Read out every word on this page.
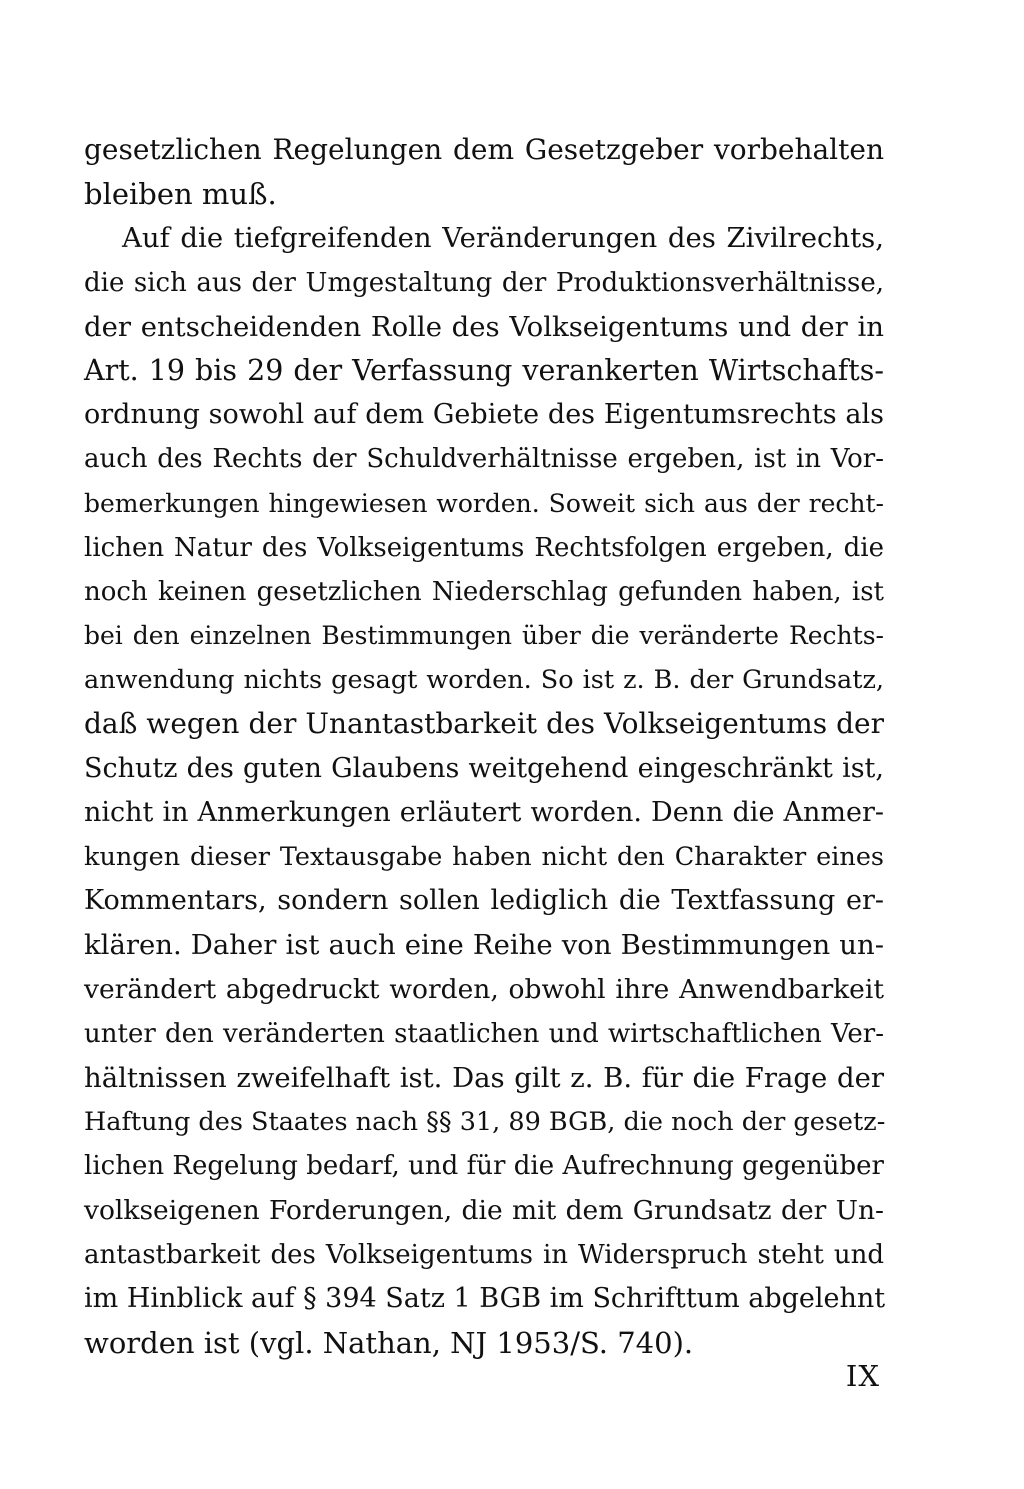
gesetzlichen Regelungen dem Gesetzgeber vorbehalten
bleiben muß.
Auf die tiefgreifenden Veränderungen des Zivilrechts,
die sich aus der Umgestaltung der Produktionsverhältnisse,
der entscheidenden Rolle des Volkseigentums und der in
Art. 19 bis 29 der Verfassung verankerten Wirtschafts-
ordnung sowohl auf dem Gebiete des Eigentumsrechts als
auch des Rechts der Schuldverhältnisse ergeben, ist in Vor-
bemerkungen hingewiesen worden. Soweit sich aus der recht-
lichen Natur des Volkseigentums Rechtsfolgen ergeben, die
noch keinen gesetzlichen Niederschlag gefunden haben, ist
bei den einzelnen Bestimmungen über die veränderte Rechts-
anwendung nichts gesagt worden. So ist z. B. der Grundsatz,
daß wegen der Unantastbarkeit des Volkseigentums der
Schutz des guten Glaubens weitgehend eingeschränkt ist,
nicht in Anmerkungen erläutert worden. Denn die Anmer-
kungen dieser Textausgabe haben nicht den Charakter eines
Kommentars, sondern sollen lediglich die Textfassung er-
klären. Daher ist auch eine Reihe von Bestimmungen un-
verändert abgedruckt worden, obwohl ihre Anwendbarkeit
unter den veränderten staatlichen und wirtschaftlichen Ver-
hältnissen zweifelhaft ist. Das gilt z. B. für die Frage der
Haftung des Staates nach §§ 31, 89 BGB, die noch der gesetz-
lichen Regelung bedarf, und für die Aufrechnung gegenüber
volkseigenen Forderungen, die mit dem Grundsatz der Un-
antastbarkeit des Volkseigentums in Widerspruch steht und
im Hinblick auf § 394 Satz 1 BGB im Schrifttum abgelehnt
worden ist (vgl. Nathan, NJ 1953/S. 740).
IX
